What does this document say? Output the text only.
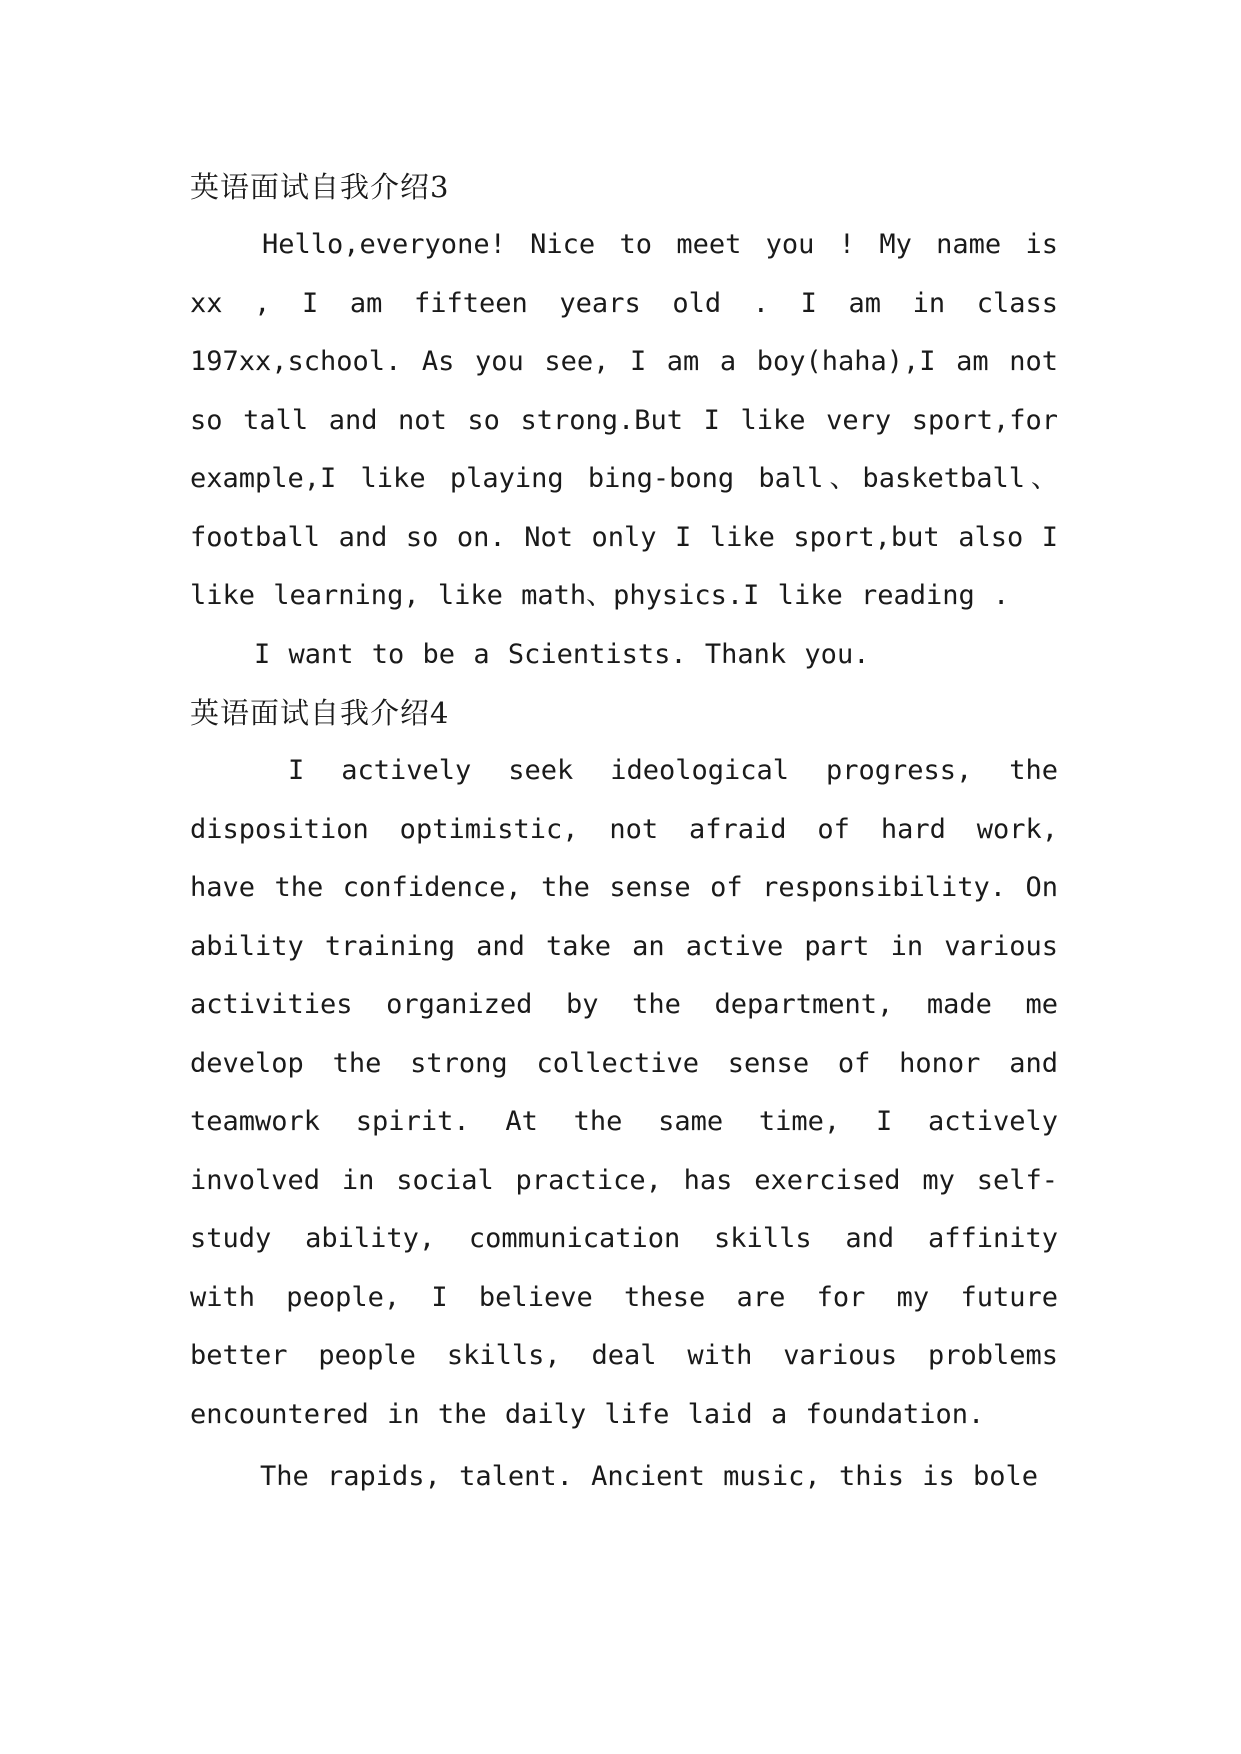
英语面试自我介绍3

Hello,everyone! Nice to meet you ! My name is xx , I am fifteen years old . I am in class 197xx,school. As you see, I am a boy(haha),I am not so tall and not so strong.But I like very sport,for example,I like playing bing-bong ball、basketball、football and so on. Not only I like sport,but also I like learning, like math、physics.I like reading .

I want to be a Scientists. Thank you.

英语面试自我介绍4

I actively seek ideological progress, the disposition optimistic, not afraid of hard work, have the confidence, the sense of responsibility. On ability training and take an active part in various activities organized by the department, made me develop the strong collective sense of honor and teamwork spirit. At the same time, I actively involved in social practice, has exercised my self-study ability, communication skills and affinity with people, I believe these are for my future better people skills, deal with various problems encountered in the daily life laid a foundation.

The rapids, talent. Ancient music, this is bole
